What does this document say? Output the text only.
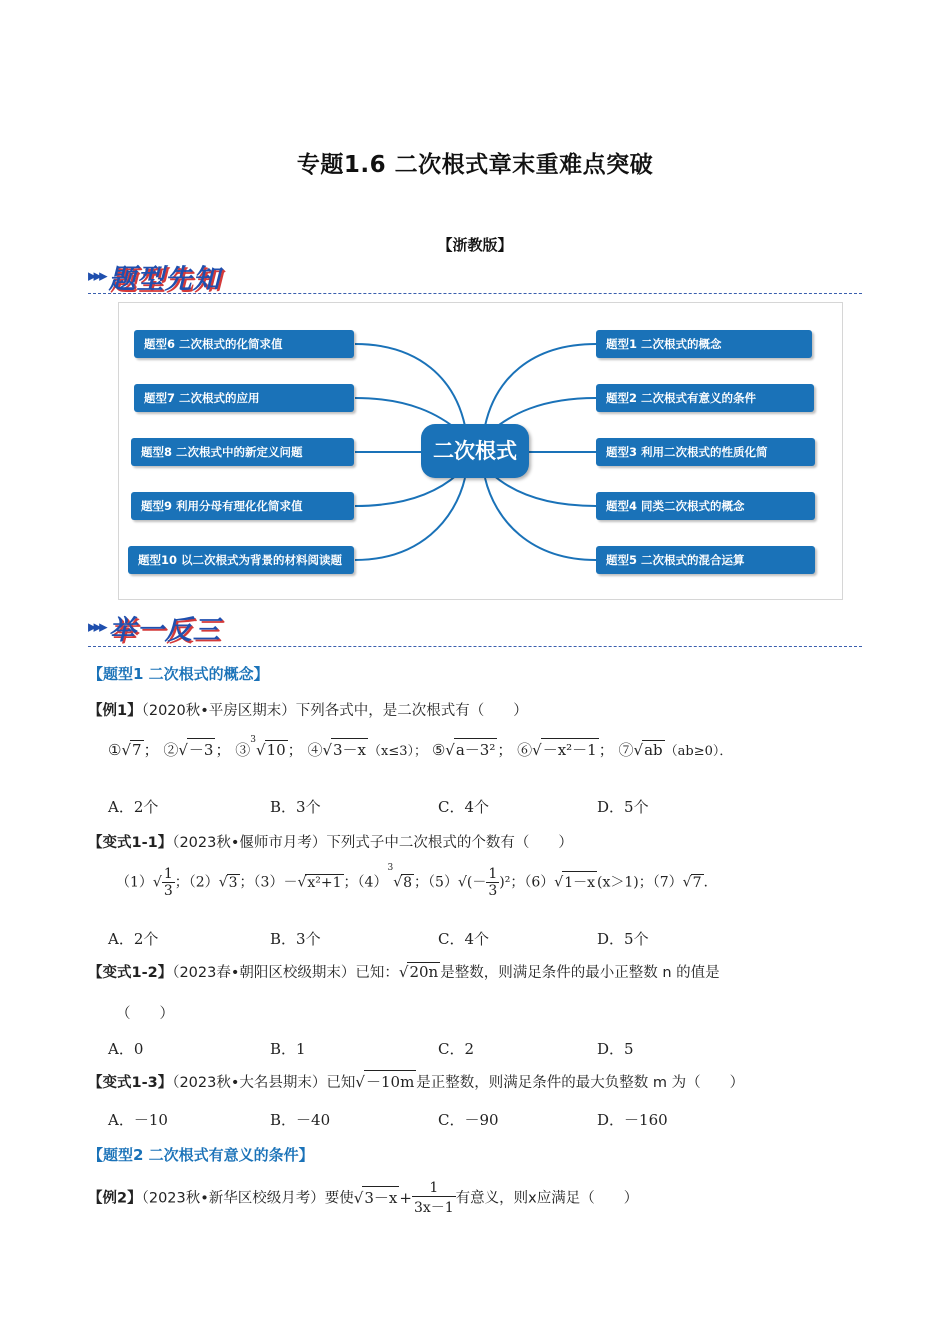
专题1.6 二次根式章末重难点突破
【浙教版】
▸▸▸ 题型先知
题型6 二次根式的化简求值
题型7 二次根式的应用
题型8 二次根式中的新定义问题
题型9 利用分母有理化化简求值
题型10 以二次根式为背景的材料阅读题
题型1 二次根式的概念
题型2 二次根式有意义的条件
题型3 利用二次根式的性质化简
题型4 同类二次根式的概念
题型5 二次根式的混合运算
二次根式
▸▸▸ 举一反三
【题型1 二次根式的概念】
【例1】（2020秋•平房区期末）下列各式中，是二次根式有（　　）
①√7 ； ②√－3 ； ③$^3$√10 ； ④√3－x （x≤3）； ⑤√a－3² ； ⑥√－x²－1 ； ⑦√ab （ab≥0）．
A．2个	B．3个	C．4个	D．5个
【变式1-1】（2023秋•偃师市月考）下列式子中二次根式的个数有（　　）
$(1)√ \frac{1}{3}$ ；（2）√3 ；（3）－√x²+1 ；$(4)^3√8$ ；$(5)√(- \frac{1}{3} )^2$；（6）√1－x (x＞1)；（7）√7 .
A．2个	B．3个	C．4个	D．5个
【变式1-2】（2023春•朝阳区校级期末）已知：√20n 是整数，则满足条件的最小正整数 n 的值是
（　　）
A．0	B．1	C．2	D．5
【变式1-3】（2023秋•大名县期末）已知√－10m 是正整数，则满足条件的最大负整数 m 为（　　）
A．－10	B．－40	C．－90	D．－160
【题型2 二次根式有意义的条件】
【例2】（2023秋•新华区校级月考）要使$√3-x + \frac{1}{3x-1}$ 有意义，则x应满足（　　）
